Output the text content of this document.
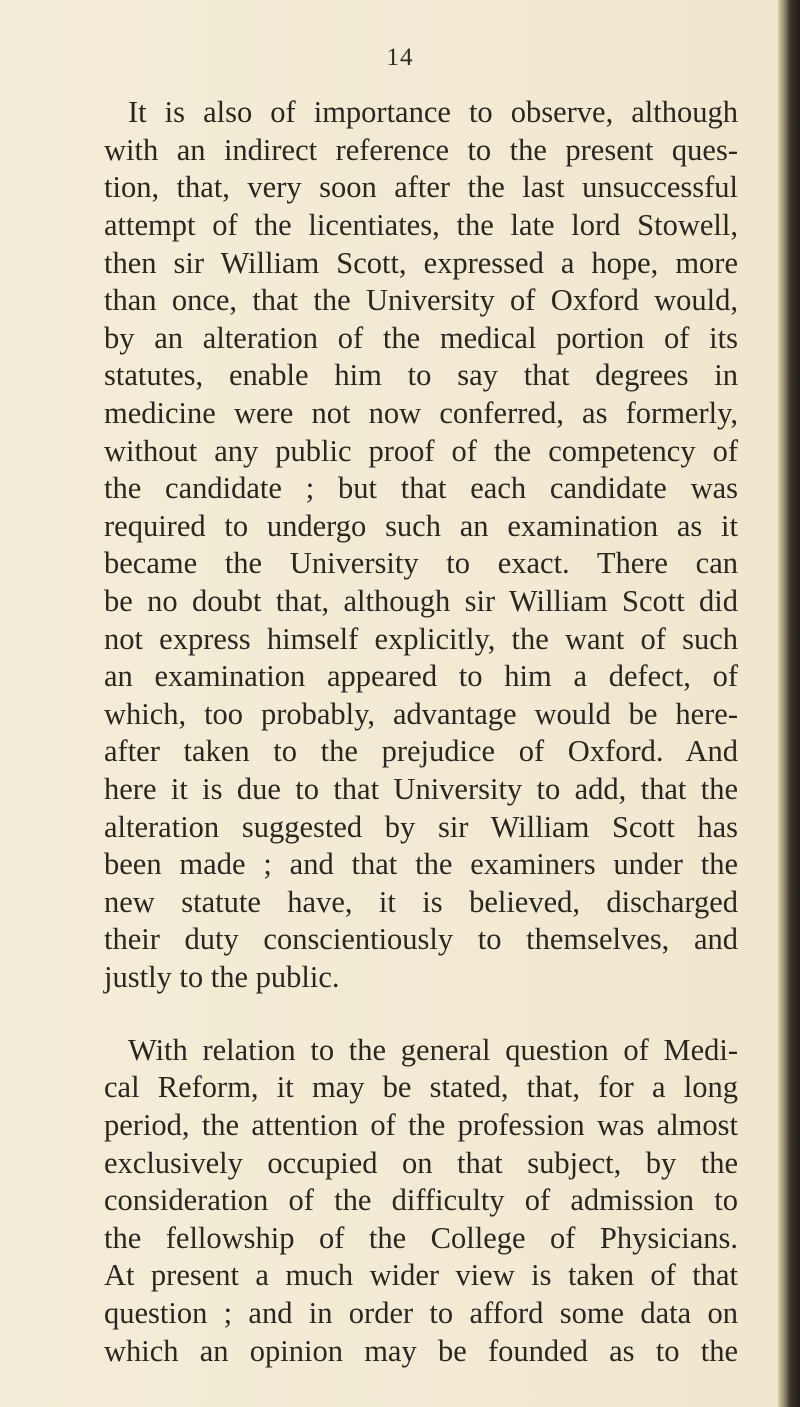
14
It is also of importance to observe, although
with an indirect reference to the present ques-
tion, that, very soon after the last unsuccessful
attempt of the licentiates, the late lord Stowell,
then sir William Scott, expressed a hope, more
than once, that the University of Oxford would,
by an alteration of the medical portion of its
statutes, enable him to say that degrees in
medicine were not now conferred, as formerly,
without any public proof of the competency of
the candidate ; but that each candidate was
required to undergo such an examination as it
became the University to exact. There can
be no doubt that, although sir William Scott did
not express himself explicitly, the want of such
an examination appeared to him a defect, of
which, too probably, advantage would be here-
after taken to the prejudice of Oxford. And
here it is due to that University to add, that the
alteration suggested by sir William Scott has
been made ; and that the examiners under the
new statute have, it is believed, discharged
their duty conscientiously to themselves, and
justly to the public.
With relation to the general question of Medi-
cal Reform, it may be stated, that, for a long
period, the attention of the profession was almost
exclusively occupied on that subject, by the
consideration of the difficulty of admission to
the fellowship of the College of Physicians.
At present a much wider view is taken of that
question ; and in order to afford some data on
which an opinion may be founded as to the
